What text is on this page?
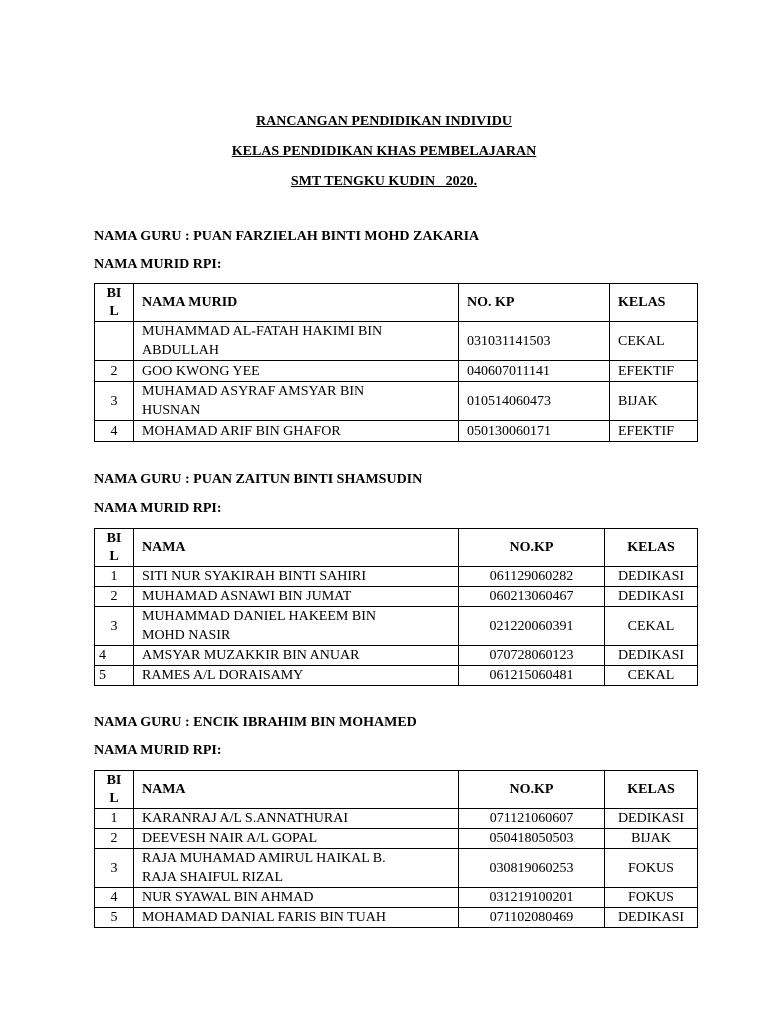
RANCANGAN PENDIDIKAN INDIVIDU
KELAS PENDIDIKAN KHAS PEMBELAJARAN
SMT TENGKU KUDIN   2020.
NAMA GURU : PUAN FARZIELAH BINTI MOHD ZAKARIA
NAMA MURID RPI:
BI
L	NAMA MURID	NO. KP	KELAS
	MUHAMMAD AL-FATAH HAKIMI BIN
ABDULLAH	031031141503	CEKAL
2	GOO KWONG YEE	040607011141	EFEKTIF
3	MUHAMAD ASYRAF AMSYAR BIN
HUSNAN	010514060473	BIJAK
4	MOHAMAD ARIF BIN GHAFOR	050130060171	EFEKTIF
NAMA GURU : PUAN ZAITUN BINTI SHAMSUDIN
NAMA MURID RPI:
BI
L	NAMA	NO.KP	KELAS
1	SITI NUR SYAKIRAH BINTI SAHIRI	061129060282	DEDIKASI
2	MUHAMAD ASNAWI BIN JUMAT	060213060467	DEDIKASI
3	MUHAMMAD DANIEL HAKEEM BIN
MOHD NASIR	021220060391	CEKAL
4	AMSYAR MUZAKKIR BIN ANUAR	070728060123	DEDIKASI
5	RAMES A/L DORAISAMY	061215060481	CEKAL
NAMA GURU : ENCIK IBRAHIM BIN MOHAMED
NAMA MURID RPI:
BI
L	NAMA	NO.KP	KELAS
1	KARANRAJ A/L S.ANNATHURAI	071121060607	DEDIKASI
2	DEEVESH NAIR A/L GOPAL	050418050503	BIJAK
3	RAJA MUHAMAD AMIRUL HAIKAL B.
RAJA SHAIFUL RIZAL	030819060253	FOKUS
4	NUR SYAWAL BIN AHMAD	031219100201	FOKUS
5	MOHAMAD DANIAL FARIS BIN TUAH	071102080469	DEDIKASI
